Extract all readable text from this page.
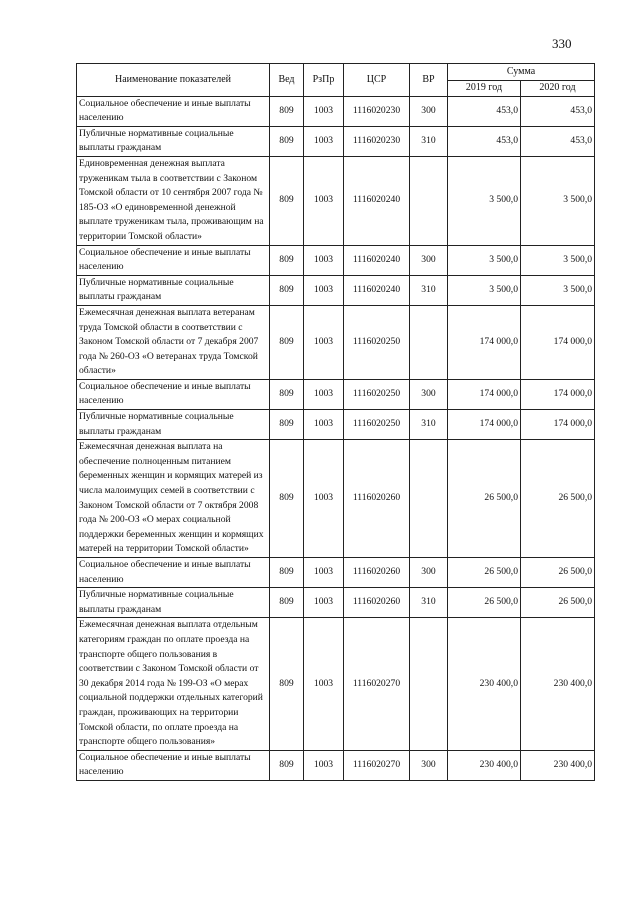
330
Наименование показателей	Вед	РзПр	ЦСР	ВР	Сумма	
					2019 год	2020 год
Социальное обеспечение и иные выплаты населению	809	1003	1116020230	300	453,0	453,0
Публичные нормативные социальные выплаты гражданам	809	1003	1116020230	310	453,0	453,0
Единовременная денежная выплата труженикам тыла в соответствии с Законом Томской области от 10 сентября 2007 года № 185-ОЗ «О единовременной денежной выплате труженикам тыла, проживающим на территории Томской области»	809	1003	1116020240		3 500,0	3 500,0
Социальное обеспечение и иные выплаты населению	809	1003	1116020240	300	3 500,0	3 500,0
Публичные нормативные социальные выплаты гражданам	809	1003	1116020240	310	3 500,0	3 500,0
Ежемесячная денежная выплата ветеранам труда Томской области в соответствии с Законом Томской области от 7 декабря 2007 года № 260-ОЗ «О ветеранах труда Томской области»	809	1003	1116020250		174 000,0	174 000,0
Социальное обеспечение и иные выплаты населению	809	1003	1116020250	300	174 000,0	174 000,0
Публичные нормативные социальные выплаты гражданам	809	1003	1116020250	310	174 000,0	174 000,0
Ежемесячная денежная выплата на обеспечение полноценным питанием беременных женщин и кормящих матерей из числа малоимущих семей в соответствии с Законом Томской области от 7 октября 2008 года № 200-ОЗ «О мерах социальной поддержки беременных женщин и кормящих матерей на территории Томской области»	809	1003	1116020260		26 500,0	26 500,0
Социальное обеспечение и иные выплаты населению	809	1003	1116020260	300	26 500,0	26 500,0
Публичные нормативные социальные выплаты гражданам	809	1003	1116020260	310	26 500,0	26 500,0
Ежемесячная денежная выплата отдельным категориям граждан по оплате проезда на транспорте общего пользования в соответствии с Законом Томской области от 30 декабря 2014 года № 199-ОЗ «О мерах социальной поддержки отдельных категорий граждан, проживающих на территории Томской области, по оплате проезда на транспорте общего пользования»	809	1003	1116020270		230 400,0	230 400,0
Социальное обеспечение и иные выплаты населению	809	1003	1116020270	300	230 400,0	230 400,0
